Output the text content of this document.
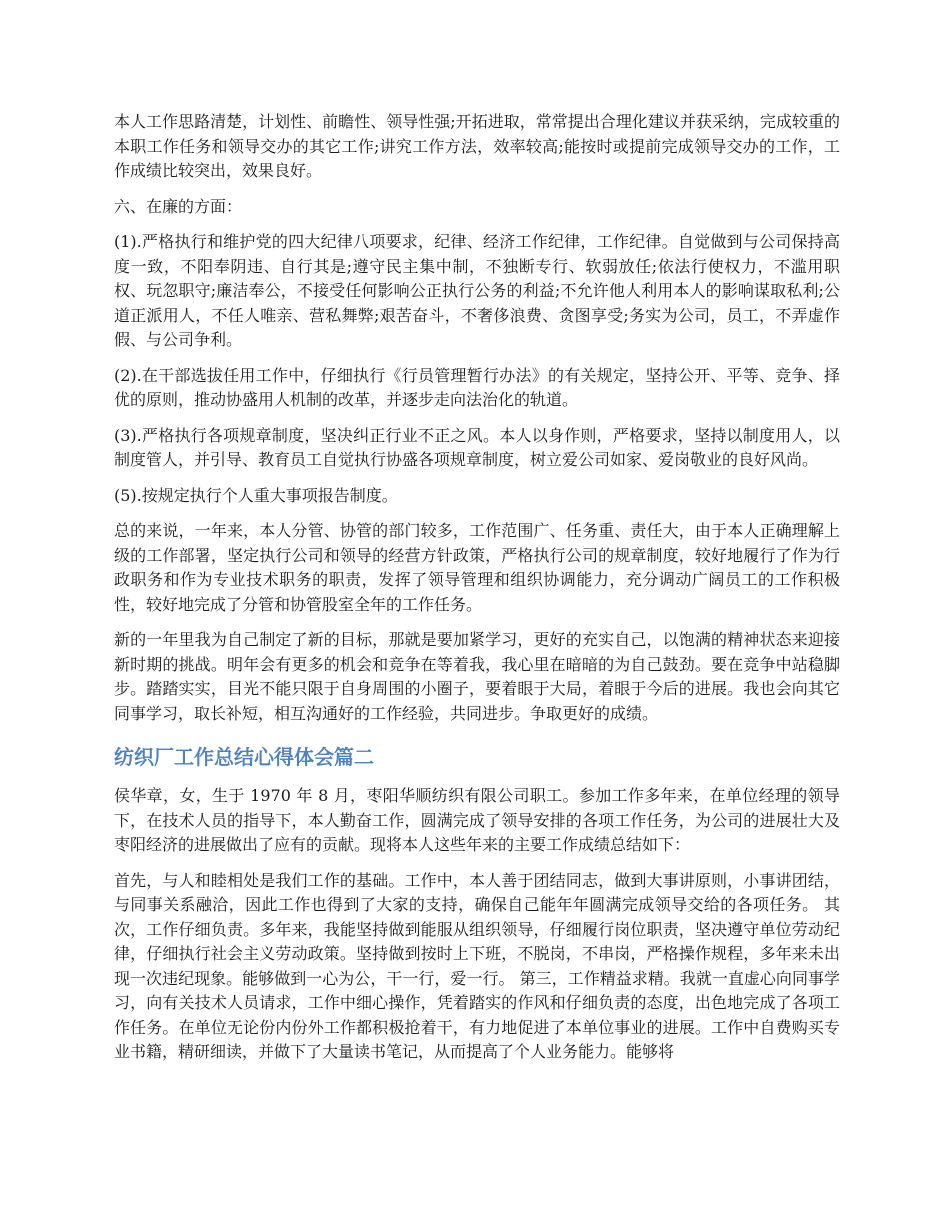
本人工作思路清楚，计划性、前瞻性、领导性强;开拓进取，常常提出合理化建议并获采纳，完成较重的本职工作任务和领导交办的其它工作;讲究工作方法，效率较高;能按时或提前完成领导交办的工作，工作成绩比较突出，效果良好。

六、在廉的方面：

(1).严格执行和维护党的四大纪律八项要求，纪律、经济工作纪律，工作纪律。自觉做到与公司保持高度一致，不阳奉阴违、自行其是;遵守民主集中制，不独断专行、软弱放任;依法行使权力，不滥用职权、玩忽职守;廉洁奉公，不接受任何影响公正执行公务的利益;不允许他人利用本人的影响谋取私利;公道正派用人，不任人唯亲、营私舞弊;艰苦奋斗，不奢侈浪费、贪图享受;务实为公司，员工，不弄虚作假、与公司争利。

(2).在干部选拔任用工作中，仔细执行《行员管理暂行办法》的有关规定，坚持公开、平等、竞争、择优的原则，推动协盛用人机制的改革，并逐步走向法治化的轨道。

(3).严格执行各项规章制度，坚决纠正行业不正之风。本人以身作则，严格要求，坚持以制度用人，以制度管人，并引导、教育员工自觉执行协盛各项规章制度，树立爱公司如家、爱岗敬业的良好风尚。

(5).按规定执行个人重大事项报告制度。

总的来说，一年来，本人分管、协管的部门较多，工作范围广、任务重、责任大，由于本人正确理解上级的工作部署，坚定执行公司和领导的经营方针政策，严格执行公司的规章制度，较好地履行了作为行政职务和作为专业技术职务的职责，发挥了领导管理和组织协调能力，充分调动广阔员工的工作积极性，较好地完成了分管和协管股室全年的工作任务。

新的一年里我为自己制定了新的目标，那就是要加紧学习，更好的充实自己，以饱满的精神状态来迎接新时期的挑战。明年会有更多的机会和竞争在等着我，我心里在暗暗的为自己鼓劲。要在竞争中站稳脚步。踏踏实实，目光不能只限于自身周围的小圈子，要着眼于大局，着眼于今后的进展。我也会向其它同事学习，取长补短，相互沟通好的工作经验，共同进步。争取更好的成绩。

纺织厂工作总结心得体会篇二

侯华章，女，生于 1970 年 8 月，枣阳华顺纺织有限公司职工。参加工作多年来，在单位经理的领导下，在技术人员的指导下，本人勤奋工作，圆满完成了领导安排的各项工作任务，为公司的进展壮大及枣阳经济的进展做出了应有的贡献。现将本人这些年来的主要工作成绩总结如下：

首先，与人和睦相处是我们工作的基础。工作中，本人善于团结同志，做到大事讲原则，小事讲团结，与同事关系融洽，因此工作也得到了大家的支持，确保自己能年年圆满完成领导交给的各项任务。 其次，工作仔细负责。多年来，我能坚持做到能服从组织领导，仔细履行岗位职责，坚决遵守单位劳动纪律，仔细执行社会主义劳动政策。坚持做到按时上下班，不脱岗，不串岗，严格操作规程，多年来未出现一次违纪现象。能够做到一心为公，干一行，爱一行。 第三，工作精益求精。我就一直虚心向同事学习，向有关技术人员请求，工作中细心操作，凭着踏实的作风和仔细负责的态度，出色地完成了各项工作任务。在单位无论份内份外工作都积极抢着干，有力地促进了本单位事业的进展。工作中自费购买专业书籍，精研细读，并做下了大量读书笔记，从而提高了个人业务能力。能够将
